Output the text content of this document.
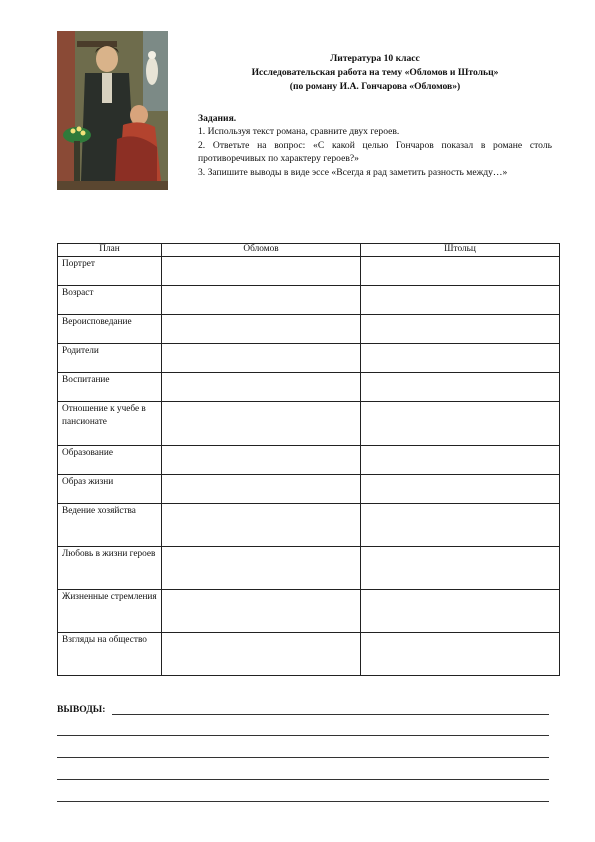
Литература 10 класс
Исследовательская работа на тему «Обломов и Штольц»
(по роману И.А. Гончарова «Обломов»)
Задания.
1. Используя текст романа, сравните двух героев.
2. Ответьте на вопрос: «С какой целью Гончаров показал в романе столь противоречивых по характеру героев?»
3. Запишите выводы в виде эссе «Всегда я рад заметить разность между…»
План	Обломов	Штольц
Портрет		
Возраст		
Вероисповедание		
Родители		
Воспитание		
Отношение к учебе в пансионате		
Образование		
Образ жизни		
Ведение хозяйства		
Любовь в жизни героев		
Жизненные стремления		
Взгляды на общество		
ВЫВОДЫ:
